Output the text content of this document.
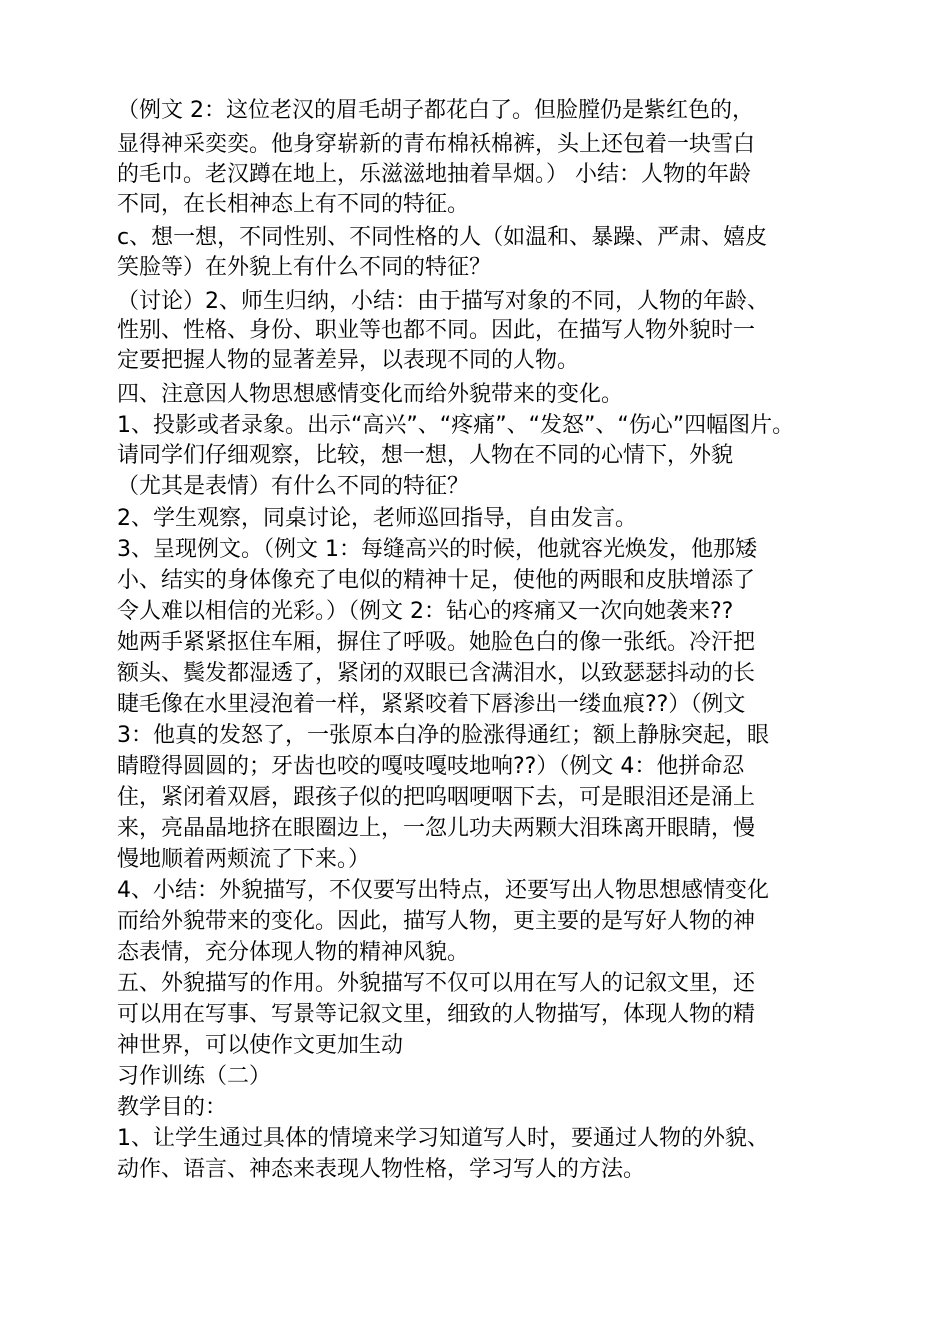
（例文 2：这位老汉的眉毛胡子都花白了。但脸膛仍是紫红色的，
显得神采奕奕。他身穿崭新的青布棉袄棉裤，头上还包着一块雪白
的毛巾。老汉蹲在地上，乐滋滋地抽着旱烟。） 小结：人物的年龄
不同，在长相神态上有不同的特征。
c、想一想，不同性别、不同性格的人（如温和、暴躁、严肃、嬉皮
笑脸等）在外貌上有什么不同的特征？
（讨论）2、师生归纳，小结：由于描写对象的不同，人物的年龄、
性别、性格、身份、职业等也都不同。因此，在描写人物外貌时一
定要把握人物的显著差异，以表现不同的人物。
四、注意因人物思想感情变化而给外貌带来的变化。
1、投影或者录象。出示“高兴”、“疼痛”、“发怒”、“伤心”四幅图片。
请同学们仔细观察，比较，想一想，人物在不同的心情下，外貌
（尤其是表情）有什么不同的特征？
2、学生观察，同桌讨论，老师巡回指导，自由发言。
3、呈现例文。（例文 1：每缝高兴的时候，他就容光焕发，他那矮
小、结实的身体像充了电似的精神十足，使他的两眼和皮肤增添了
令人难以相信的光彩。）（例文 2：钻心的疼痛又一次向她袭来??
她两手紧紧抠住车厢，摒住了呼吸。她脸色白的像一张纸。冷汗把
额头、鬓发都湿透了，紧闭的双眼已含满泪水，以致瑟瑟抖动的长
睫毛像在水里浸泡着一样，紧紧咬着下唇渗出一缕血痕??）（例文
3：他真的发怒了，一张原本白净的脸涨得通红；额上静脉突起，眼
睛瞪得圆圆的；牙齿也咬的嘎吱嘎吱地响??）（例文 4：他拼命忍
住，紧闭着双唇，跟孩子似的把呜咽哽咽下去，可是眼泪还是涌上
来，亮晶晶地挤在眼圈边上，一忽儿功夫两颗大泪珠离开眼睛，慢
慢地顺着两颊流了下来。）
4、小结：外貌描写，不仅要写出特点，还要写出人物思想感情变化
而给外貌带来的变化。因此，描写人物，更主要的是写好人物的神
态表情，充分体现人物的精神风貌。
五、外貌描写的作用。外貌描写不仅可以用在写人的记叙文里，还
可以用在写事、写景等记叙文里，细致的人物描写，体现人物的精
神世界，可以使作文更加生动
习作训练（二）
教学目的：
1、让学生通过具体的情境来学习知道写人时，要通过人物的外貌、
动作、语言、神态来表现人物性格，学习写人的方法。
